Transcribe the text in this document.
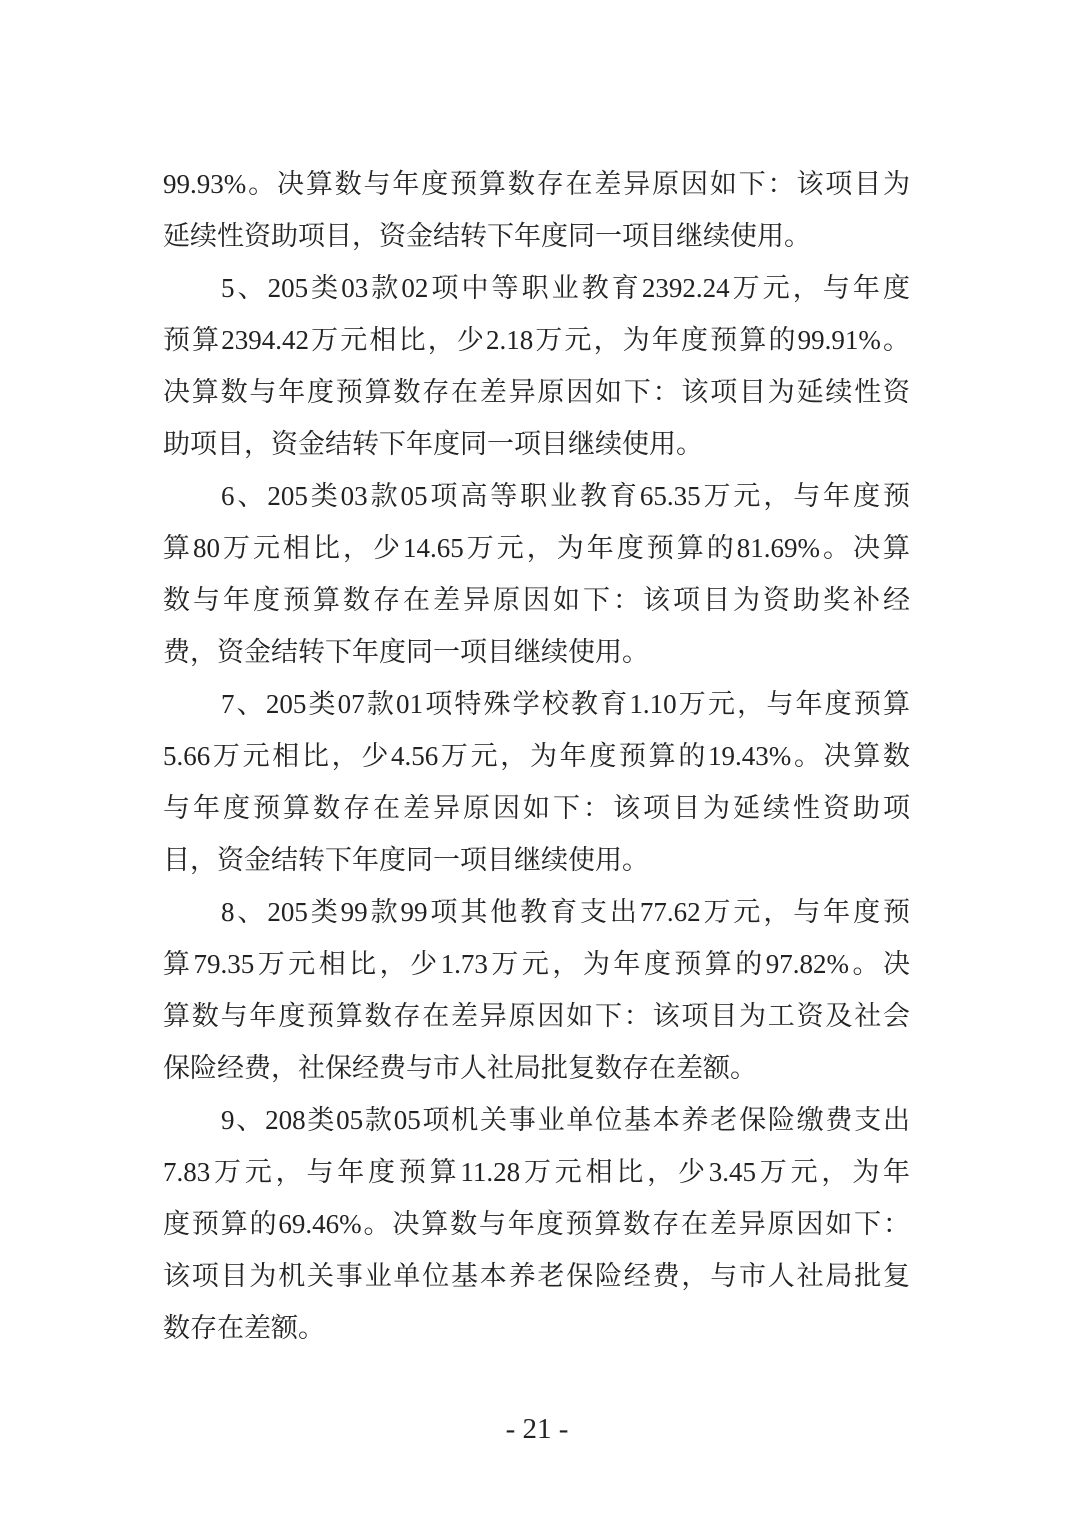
99.93%。决算数与年度预算数存在差异原因如下：该项目为
延续性资助项目，资金结转下年度同一项目继续使用。
5、205类03款02项中等职业教育2392.24万元，与年度
预算2394.42万元相比，少2.18万元，为年度预算的99.91%。
决算数与年度预算数存在差异原因如下：该项目为延续性资
助项目，资金结转下年度同一项目继续使用。
6、205类03款05项高等职业教育65.35万元，与年度预
算80万元相比，少14.65万元，为年度预算的81.69%。决算
数与年度预算数存在差异原因如下：该项目为资助奖补经
费，资金结转下年度同一项目继续使用。
7、205类07款01项特殊学校教育1.10万元，与年度预算
5.66万元相比，少4.56万元，为年度预算的19.43%。决算数
与年度预算数存在差异原因如下：该项目为延续性资助项
目，资金结转下年度同一项目继续使用。
8、205类99款99项其他教育支出77.62万元，与年度预
算79.35万元相比，少1.73万元，为年度预算的97.82%。决
算数与年度预算数存在差异原因如下：该项目为工资及社会
保险经费，社保经费与市人社局批复数存在差额。
9、208类05款05项机关事业单位基本养老保险缴费支出
7.83万元，与年度预算11.28万元相比，少3.45万元，为年
度预算的69.46%。决算数与年度预算数存在差异原因如下：
该项目为机关事业单位基本养老保险经费，与市人社局批复
数存在差额。
- 21 -
